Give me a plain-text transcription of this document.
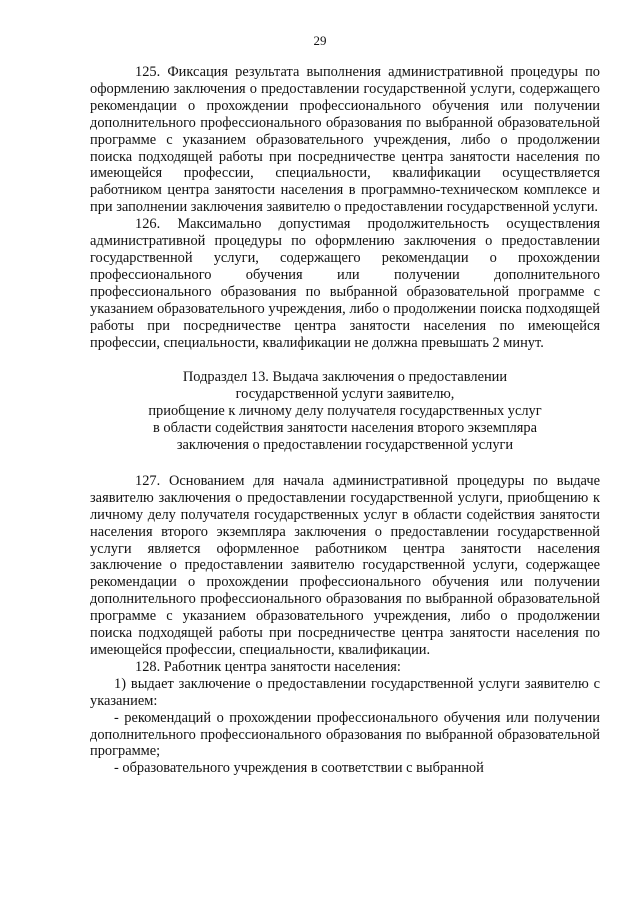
29

125. Фиксация результата выполнения административной процедуры по оформлению заключения о предоставлении государственной услуги, содержащего рекомендации о прохождении профессионального обучения или получении дополнительного профессионального образования по выбранной образовательной программе с указанием образовательного учреждения, либо о продолжении поиска подходящей работы при посредничестве центра занятости населения по имеющейся профессии, специальности, квалификации осуществляется работником центра занятости населения в программно-техническом комплексе и при заполнении заключения заявителю о предоставлении государственной услуги.

126. Максимально допустимая продолжительность осуществления административной процедуры по оформлению заключения о предоставлении государственной услуги, содержащего рекомендации о прохождении профессионального обучения или получении дополнительного профессионального образования по выбранной образовательной программе с указанием образовательного учреждения, либо о продолжении поиска подходящей работы при посредничестве центра занятости населения по имеющейся профессии, специальности, квалификации не должна превышать 2 минут.

Подраздел 13. Выдача заключения о предоставлении
государственной услуги заявителю,
приобщение к личному делу получателя государственных услуг
в области содействия занятости населения второго экземпляра
заключения о предоставлении государственной услуги

127. Основанием для начала административной процедуры по выдаче заявителю заключения о предоставлении государственной услуги, приобщению к личному делу получателя государственных услуг в области содействия занятости населения второго экземпляра заключения о предоставлении государственной услуги является оформленное работником центра занятости населения заключение о предоставлении заявителю государственной услуги, содержащее рекомендации о прохождении профессионального обучения или получении дополнительного профессионального образования по выбранной образовательной программе с указанием образовательного учреждения, либо о продолжении поиска подходящей работы при посредничестве центра занятости населения по имеющейся профессии, специальности, квалификации.

128. Работник центра занятости населения:

1) выдает заключение о предоставлении государственной услуги заявителю с указанием:

- рекомендаций о прохождении профессионального обучения или получении дополнительного профессионального образования по выбранной образовательной программе;

- образовательного учреждения в соответствии с выбранной
